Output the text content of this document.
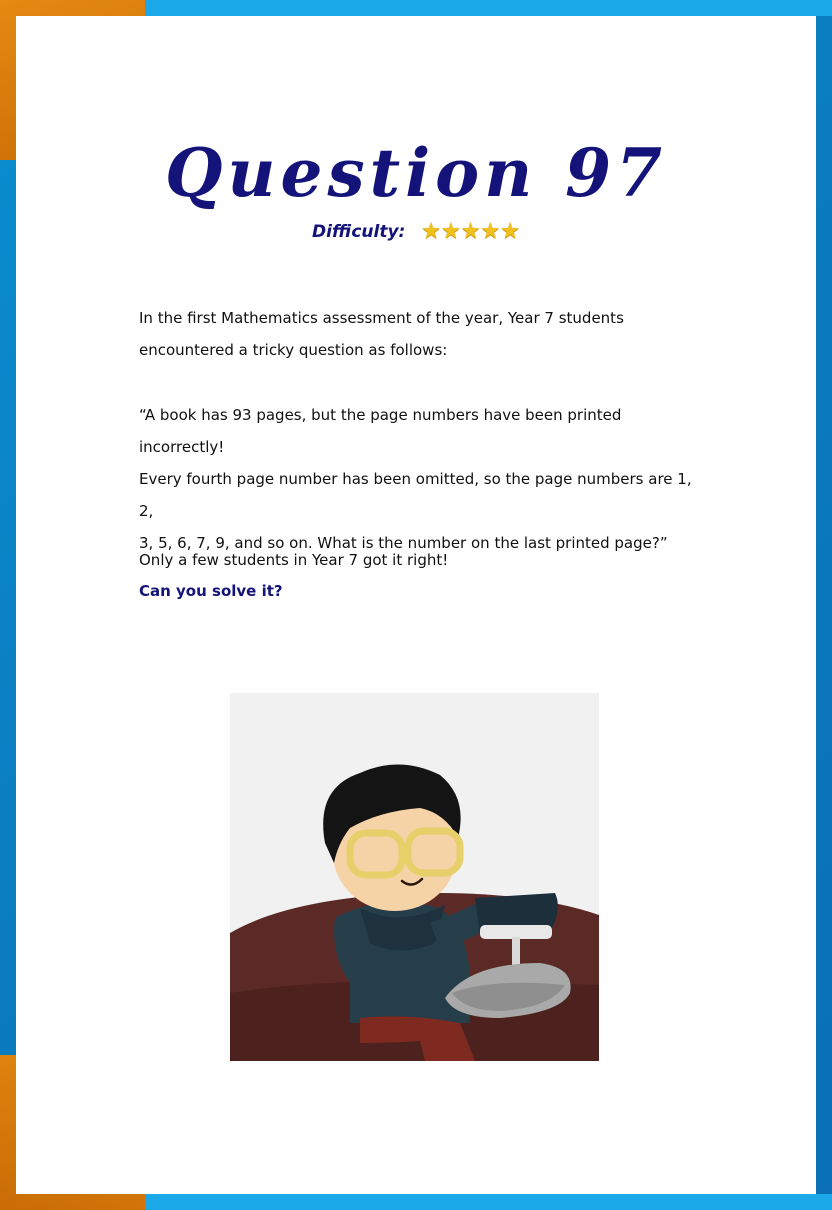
Question 97
Difficulty: ★★★★★

In the first Mathematics assessment of the year, Year 7 students

encountered a tricky question as follows:

“A book has 93 pages, but the page numbers have been printed incorrectly!

Every fourth page number has been omitted, so the page numbers are 1, 2,

3, 5, 6, 7, 9, and so on. What is the number on the last printed page?”

Only a few students in Year 7 got it right!

Can you solve it?
